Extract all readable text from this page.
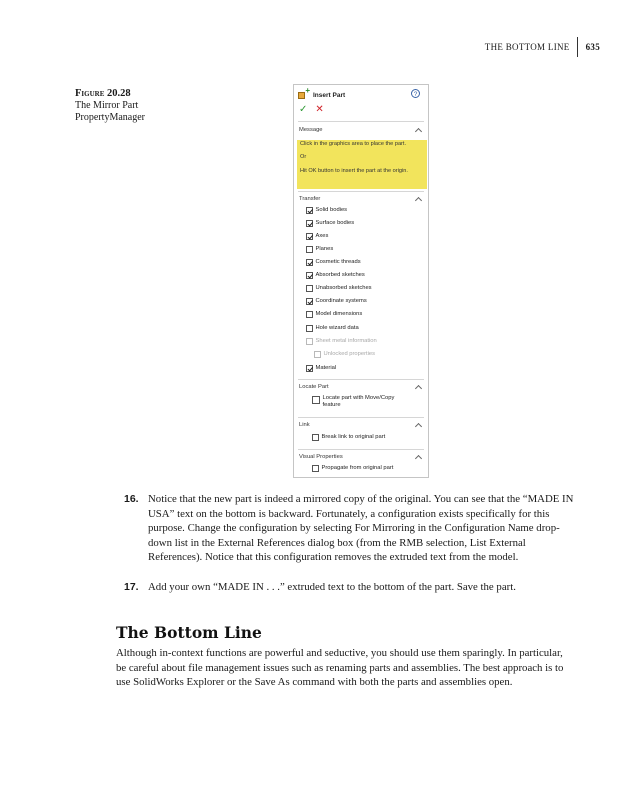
THE BOTTOM LINE	635
Figure 20.28
The Mirror Part PropertyManager
+ Insert Part	?
✓ ✕
Message

Click in the graphics area to place the part.

Or

Hit OK button to insert the part at the origin.

Transfer
Solid bodies
Surface bodies
Axes
Planes
Cosmetic threads
Absorbed sketches
Unabsorbed sketches
Coordinate systems
Model dimensions
Hole wizard data
Sheet metal information
Unlocked properties
Material
Locate Part
Locate part with Move/Copy feature
Link
Break link to original part
Visual Properties
Propagate from original part
16. Notice that the new part is indeed a mirrored copy of the original. You can see that the “MADE IN USA” text on the bottom is backward. Fortunately, a configuration exists specifically for this purpose. Change the configuration by selecting For Mirroring in the Configuration Name drop-down list in the External References dialog box (from the RMB selection, List External References). Notice that this configuration removes the extruded text from the model.
17. Add your own “MADE IN . . .” extruded text to the bottom of the part. Save the part.
The Bottom Line
Although in-context functions are powerful and seductive, you should use them sparingly. In particular, be careful about file management issues such as renaming parts and assemblies. The best approach is to use SolidWorks Explorer or the Save As command with both the parts and assemblies open.
